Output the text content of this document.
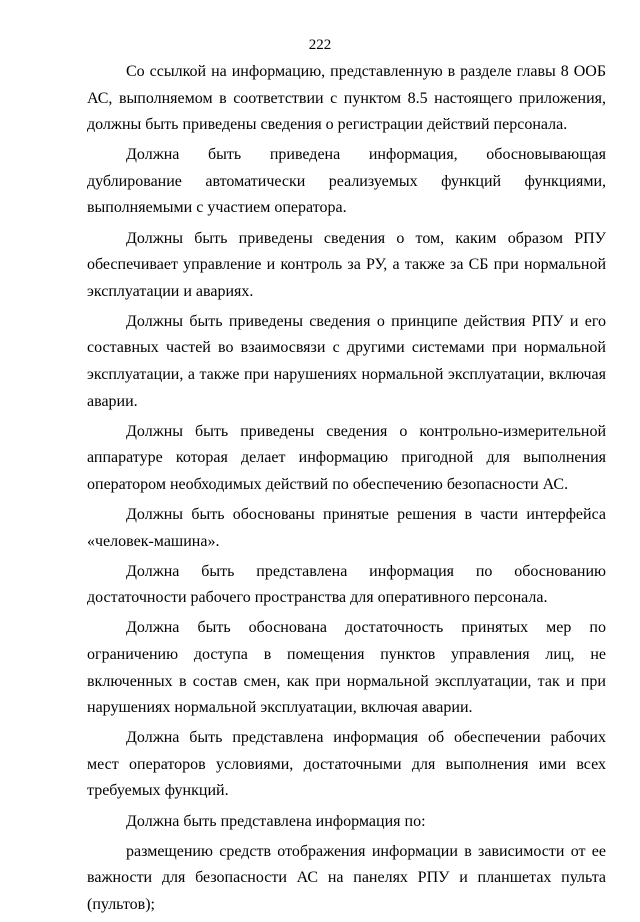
222

Со ссылкой на информацию, представленную в разделе главы 8 ООБ АС, выполняемом в соответствии с пунктом 8.5 настоящего приложения, должны быть приведены сведения о регистрации действий персонала.

Должна быть приведена информация, обосновывающая дублирование автоматически реализуемых функций функциями, выполняемыми с участием оператора.

Должны быть приведены сведения о том, каким образом РПУ обеспечивает управление и контроль за РУ, а также за СБ при нормальной эксплуатации и авариях.

Должны быть приведены сведения о принципе действия РПУ и его составных частей во взаимосвязи с другими системами при нормальной эксплуатации, а также при нарушениях нормальной эксплуатации, включая аварии.

Должны быть приведены сведения о контрольно-измерительной аппаратуре которая делает информацию пригодной для выполнения оператором необходимых действий по обеспечению безопасности АС.

Должны быть обоснованы принятые решения в части интерфейса «человек-машина».

Должна быть представлена информация по обоснованию достаточности рабочего пространства для оперативного персонала.

Должна быть обоснована достаточность принятых мер по ограничению доступа в помещения пунктов управления лиц, не включенных в состав смен, как при нормальной эксплуатации, так и при нарушениях нормальной эксплуатации, включая аварии.

Должна быть представлена информация об обеспечении рабочих мест операторов условиями, достаточными для выполнения ими всех требуемых функций.

Должна быть представлена информация по:

размещению средств отображения информации в зависимости от ее важности для безопасности АС на панелях РПУ и планшетах пульта (пультов);
